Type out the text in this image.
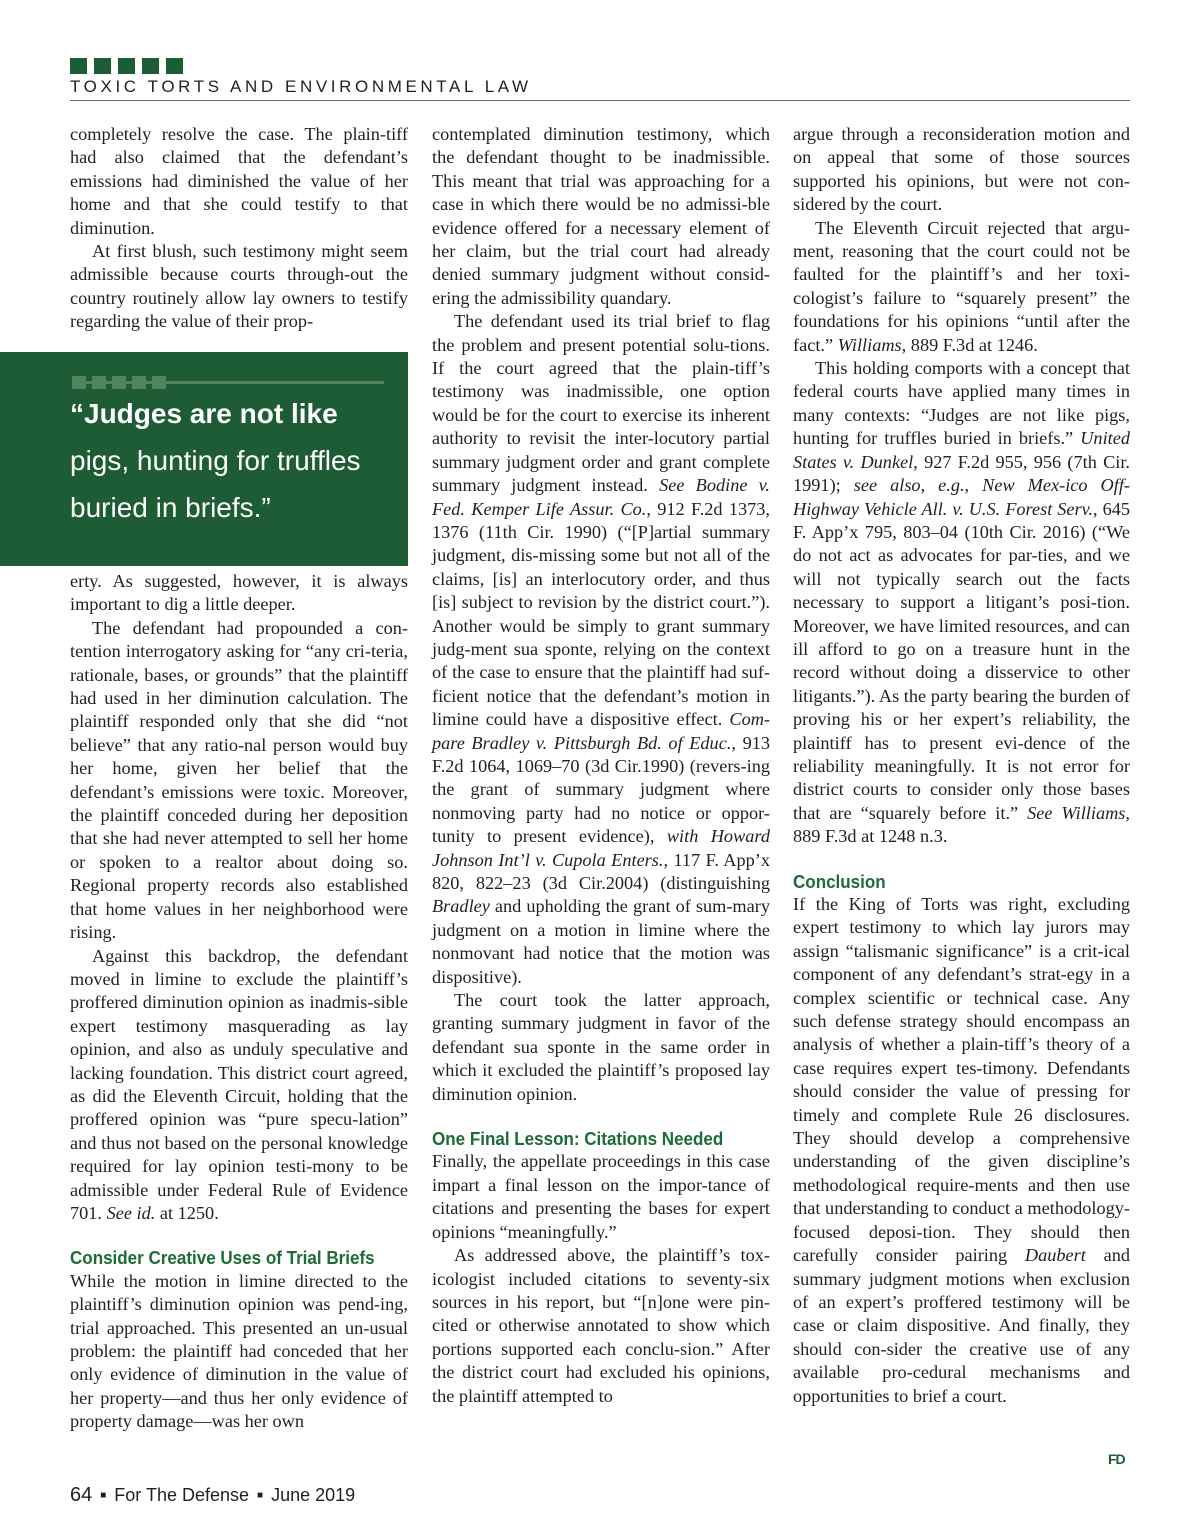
TOXIC TORTS AND ENVIRONMENTAL LAW

completely resolve the case. The plain-tiff had also claimed that the defendant’s emissions had diminished the value of her home and that she could testify to that diminution.

At first blush, such testimony might seem admissible because courts through-out the country routinely allow lay owners to testify regarding the value of their prop-

“Judges are not like
pigs, hunting for truffles
buried in briefs.”

erty. As suggested, however, it is always important to dig a little deeper.

The defendant had propounded a con-tention interrogatory asking for “any cri-teria, rationale, bases, or grounds” that the plaintiff had used in her diminution calculation. The plaintiff responded only that she did “not believe” that any ratio-nal person would buy her home, given her belief that the defendant’s emissions were toxic. Moreover, the plaintiff conceded during her deposition that she had never attempted to sell her home or spoken to a realtor about doing so. Regional property records also established that home values in her neighborhood were rising.

Against this backdrop, the defendant moved in limine to exclude the plaintiff’s proffered diminution opinion as inadmis-sible expert testimony masquerading as lay opinion, and also as unduly speculative and lacking foundation. This district court agreed, as did the Eleventh Circuit, holding that the proffered opinion was “pure specu-lation” and thus not based on the personal knowledge required for lay opinion testi-mony to be admissible under Federal Rule of Evidence 701. See id. at 1250.

Consider Creative Uses of Trial Briefs

While the motion in limine directed to the plaintiff’s diminution opinion was pend-ing, trial approached. This presented an un-usual problem: the plaintiff had conceded that her only evidence of diminution in the value of her property—and thus her only evidence of property damage—was her own

contemplated diminution testimony, which the defendant thought to be inadmissible. This meant that trial was approaching for a case in which there would be no admissi-ble evidence offered for a necessary element of her claim, but the trial court had already denied summary judgment without consid-ering the admissibility quandary.

The defendant used its trial brief to flag the problem and present potential solu-tions. If the court agreed that the plain-tiff’s testimony was inadmissible, one option would be for the court to exercise its inherent authority to revisit the inter-locutory partial summary judgment order and grant complete summary judgment instead. See Bodine v. Fed. Kemper Life Assur. Co., 912 F.2d 1373, 1376 (11th Cir. 1990) (“[P]artial summary judgment, dis-missing some but not all of the claims, [is] an interlocutory order, and thus [is] subject to revision by the district court.”). Another would be simply to grant summary judg-ment sua sponte, relying on the context of the case to ensure that the plaintiff had suf-ficient notice that the defendant’s motion in limine could have a dispositive effect. Com-pare Bradley v. Pittsburgh Bd. of Educ., 913 F.2d 1064, 1069–70 (3d Cir.1990) (revers-ing the grant of summary judgment where nonmoving party had no notice or oppor-tunity to present evidence), with Howard Johnson Int’l v. Cupola Enters., 117 F. App’x 820, 822–23 (3d Cir.2004) (distinguishing Bradley and upholding the grant of sum-mary judgment on a motion in limine where the nonmovant had notice that the motion was dispositive).

The court took the latter approach, granting summary judgment in favor of the defendant sua sponte in the same order in which it excluded the plaintiff’s proposed lay diminution opinion.

One Final Lesson: Citations Needed

Finally, the appellate proceedings in this case impart a final lesson on the impor-tance of citations and presenting the bases for expert opinions “meaningfully.”

As addressed above, the plaintiff’s tox-icologist included citations to seventy-six sources in his report, but “[n]one were pin-cited or otherwise annotated to show which portions supported each conclu-sion.” After the district court had excluded his opinions, the plaintiff attempted to

argue through a reconsideration motion and on appeal that some of those sources supported his opinions, but were not con-sidered by the court.

The Eleventh Circuit rejected that argu-ment, reasoning that the court could not be faulted for the plaintiff’s and her toxi-cologist’s failure to “squarely present” the foundations for his opinions “until after the fact.” Williams, 889 F.3d at 1246.

This holding comports with a concept that federal courts have applied many times in many contexts: “Judges are not like pigs, hunting for truffles buried in briefs.” United States v. Dunkel, 927 F.2d 955, 956 (7th Cir. 1991); see also, e.g., New Mex-ico Off-Highway Vehicle All. v. U.S. Forest Serv., 645 F. App’x 795, 803–04 (10th Cir. 2016) (“We do not act as advocates for par-ties, and we will not typically search out the facts necessary to support a litigant’s posi-tion. Moreover, we have limited resources, and can ill afford to go on a treasure hunt in the record without doing a disservice to other litigants.”). As the party bearing the burden of proving his or her expert’s reliability, the plaintiff has to present evi-dence of the reliability meaningfully. It is not error for district courts to consider only those bases that are “squarely before it.” See Williams, 889 F.3d at 1248 n.3.

Conclusion

If the King of Torts was right, excluding expert testimony to which lay jurors may assign “talismanic significance” is a crit-ical component of any defendant’s strat-egy in a complex scientific or technical case. Any such defense strategy should encompass an analysis of whether a plain-tiff’s theory of a case requires expert tes-timony. Defendants should consider the value of pressing for timely and complete Rule 26 disclosures. They should develop a comprehensive understanding of the given discipline’s methodological require-ments and then use that understanding to conduct a methodology-focused deposi-tion. They should then carefully consider pairing Daubert and summary judgment motions when exclusion of an expert’s proffered testimony will be case or claim dispositive. And finally, they should con-sider the creative use of any available pro-cedural mechanisms and opportunities to brief a court.

FD
64 ■ For The Defense ■ June 2019
